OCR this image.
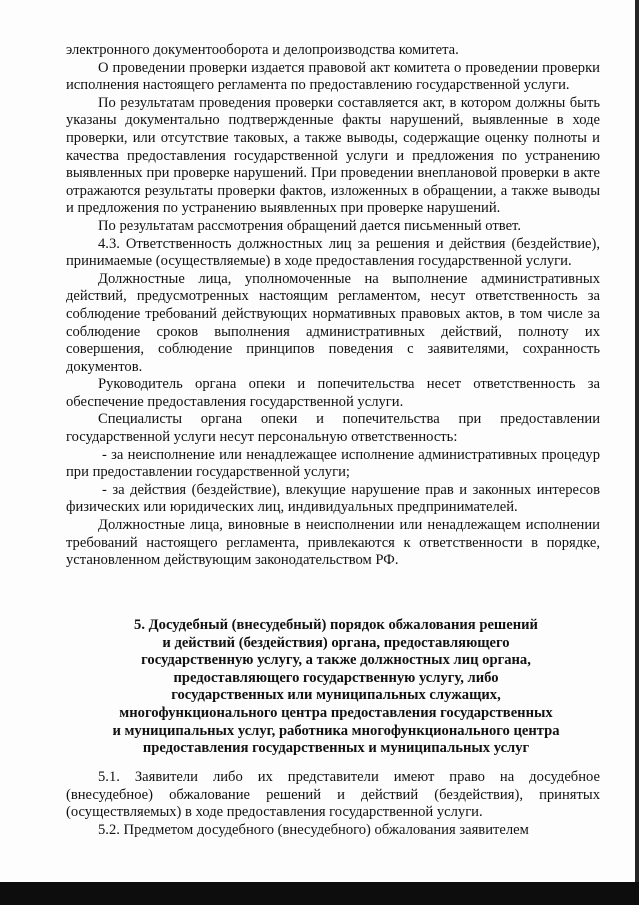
электронного документооборота и делопроизводства комитета.

О проведении проверки издается правовой акт комитета о проведении проверки исполнения настоящего регламента по предоставлению государственной услуги.

По результатам проведения проверки составляется акт, в котором должны быть указаны документально подтвержденные факты нарушений, выявленные в ходе проверки, или отсутствие таковых, а также выводы, содержащие оценку полноты и качества предоставления государственной услуги и предложения по устранению выявленных при проверке нарушений. При проведении внеплановой проверки в акте отражаются результаты проверки фактов, изложенных в обращении, а также выводы и предложения по устранению выявленных при проверке нарушений.

По результатам рассмотрения обращений дается письменный ответ.

4.3. Ответственность должностных лиц за решения и действия (бездействие), принимаемые (осуществляемые) в ходе предоставления государственной услуги.

Должностные лица, уполномоченные на выполнение административных действий, предусмотренных настоящим регламентом, несут ответственность за соблюдение требований действующих нормативных правовых актов, в том числе за соблюдение сроков выполнения административных действий, полноту их совершения, соблюдение принципов поведения с заявителями, сохранность документов.

Руководитель органа опеки и попечительства несет ответственность за обеспечение предоставления государственной услуги.

Специалисты органа опеки и попечительства при предоставлении государственной услуги несут персональную ответственность:

- за неисполнение или ненадлежащее исполнение административных процедур при предоставлении государственной услуги;

- за действия (бездействие), влекущие нарушение прав и законных интересов физических или юридических лиц, индивидуальных предпринимателей.

Должностные лица, виновные в неисполнении или ненадлежащем исполнении требований настоящего регламента, привлекаются к ответственности в порядке, установленном действующим законодательством РФ.

5. Досудебный (внесудебный) порядок обжалования решений
и действий (бездействия) органа, предоставляющего
государственную услугу, а также должностных лиц органа,
предоставляющего государственную услугу, либо
государственных или муниципальных служащих,
многофункционального центра предоставления государственных
и муниципальных услуг, работника многофункционального центра
предоставления государственных и муниципальных услуг

5.1. Заявители либо их представители имеют право на досудебное (внесудебное) обжалование решений и действий (бездействия), принятых (осуществляемых) в ходе предоставления государственной услуги.

5.2. Предметом досудебного (внесудебного) обжалования заявителем
